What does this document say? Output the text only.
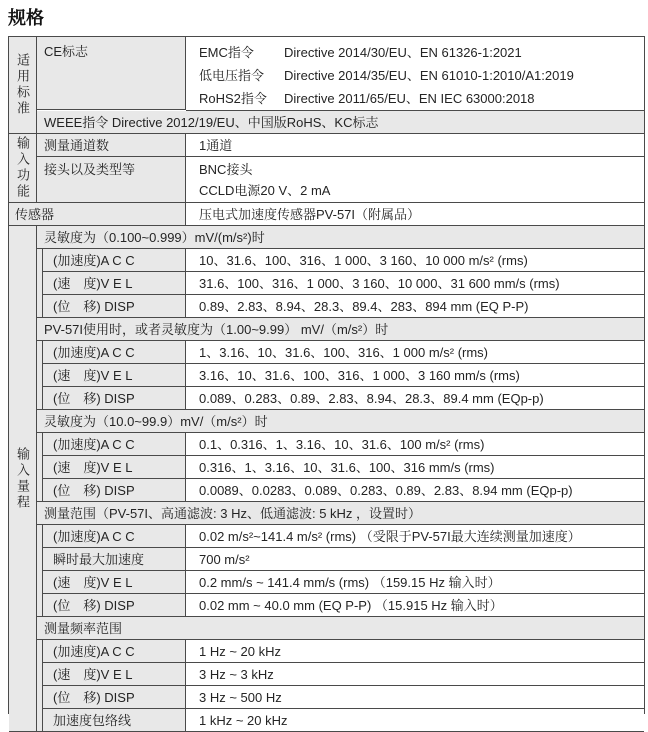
规格
适用标准
CE标志	EMC指令 Directive 2014/30/EU、EN 61326-1:2021
低电压指令 Directive 2014/35/EU、EN 61010-1:2010/A1:2019
RoHS2指令 Directive 2011/65/EU、EN IEC 63000:2018
WEEE指令 Directive 2012/19/EU、中国版RoHS、KC标志
输入功能	测量通道数	1通道
接头以及类型等	BNC接头
CCLD电源20 V、2 mA
传感器	压电式加速度传感器PV-57I（附属品）
输入量程
灵敏度为（0.100~0.999）mV/(m/s²)时
(加速度)A C C	10、31.6、100、316、1 000、3 160、10 000 m/s² (rms)
(速　度)V E L	31.6、100、316、1 000、3 160、10 000、31 600 mm/s (rms)
(位　移) DISP	0.89、2.83、8.94、28.3、89.4、283、894 mm (EQ P-P)
PV-57I使用时，或者灵敏度为（1.00~9.99） mV/（m/s²）时
(加速度)A C C	1、3.16、10、31.6、100、316、1 000 m/s² (rms)
(速　度)V E L	3.16、10、31.6、100、316、1 000、3 160 mm/s (rms)
(位　移) DISP	0.089、0.283、0.89、2.83、8.94、28.3、89.4 mm (EQp-p)
灵敏度为（10.0~99.9）mV/（m/s²）时
(加速度)A C C	0.1、0.316、1、3.16、10、31.6、100 m/s² (rms)
(速　度)V E L	0.316、1、3.16、10、31.6、100、316 mm/s (rms)
(位　移) DISP	0.0089、0.0283、0.089、0.283、0.89、2.83、8.94 mm (EQp-p)
测量范围（PV-57I、高通滤波: 3 Hz、低通滤波: 5 kHz ，设置时）
(加速度)A C C	0.02 m/s²~141.4 m/s² (rms) （受限于PV-57I最大连续测量加速度）
瞬时最大加速度	700 m/s²
(速　度)V E L	0.2 mm/s ~ 141.4 mm/s (rms) （159.15 Hz 输入时）
(位　移) DISP	0.02 mm ~ 40.0 mm (EQ P-P) （15.915 Hz 输入时）
测量频率范围
(加速度)A C C	1 Hz ~ 20 kHz
(速　度)V E L	3 Hz ~ 3 kHz
(位　移) DISP	3 Hz ~ 500 Hz
加速度包络线	1 kHz ~ 20 kHz
